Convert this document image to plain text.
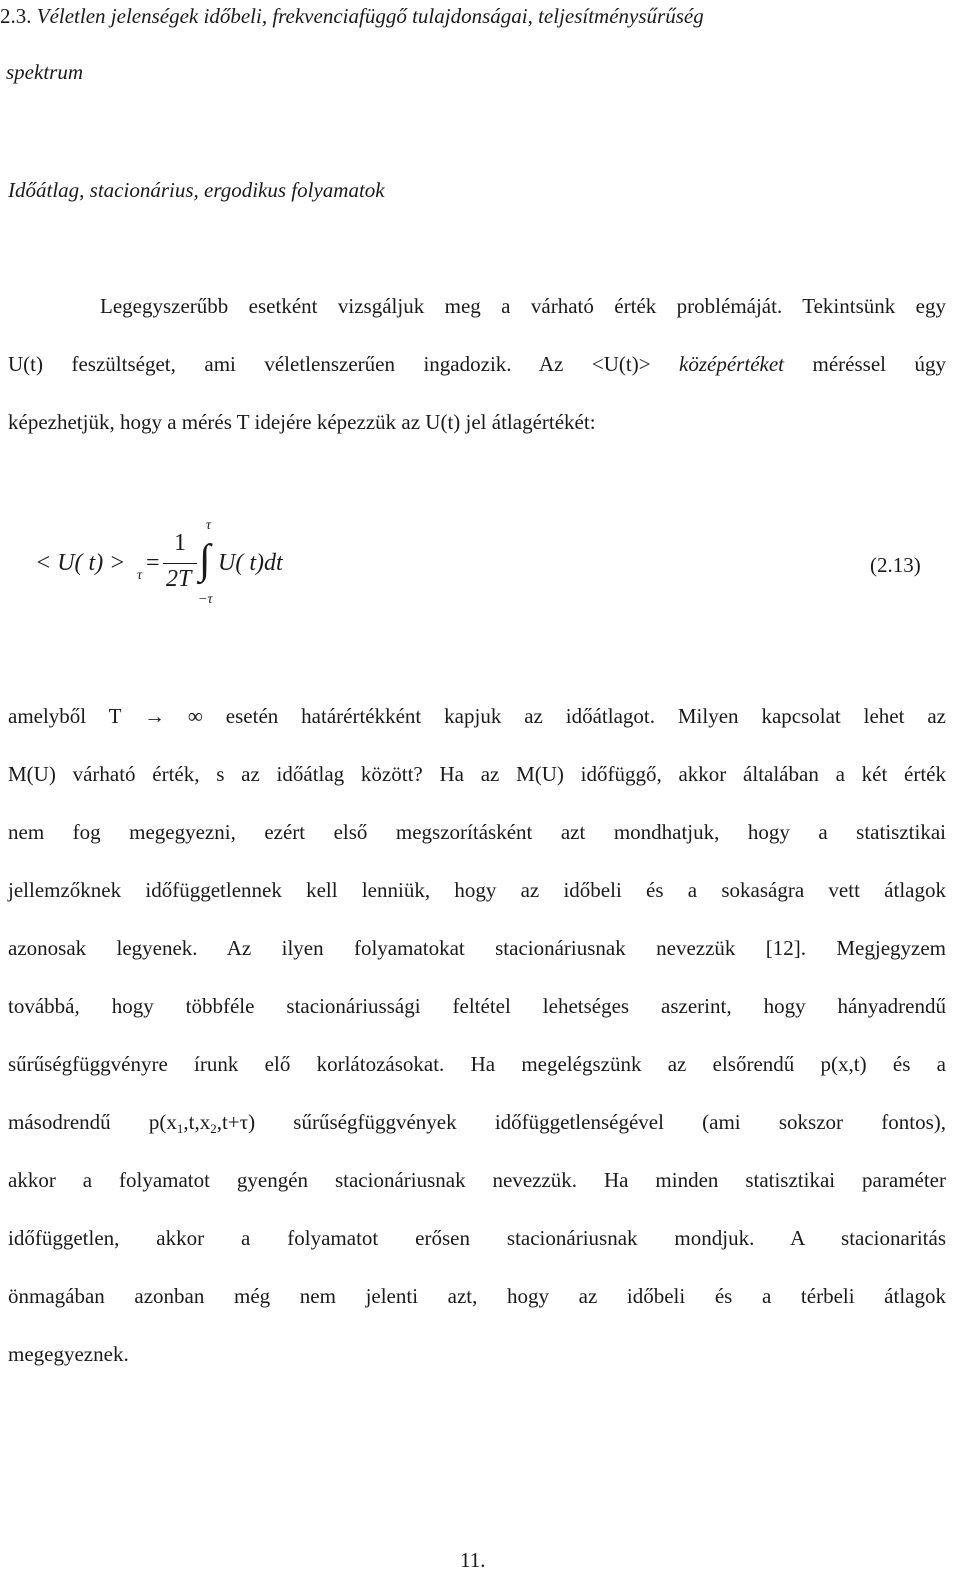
2.3. Véletlen jelenségek időbeli, frekvenciafüggő tulajdonságai, teljesítménysűrűség
spektrum
Időátlag, stacionárius, ergodikus folyamatok
Legegyszerűbb esetként vizsgáljuk meg a várható érték problémáját. Tekintsünk egy
U(t) feszültséget, ami véletlenszerűen ingadozik. Az <U(t)> középértéket méréssel úgy
képezhetjük, hogy a mérés T idejére képezzük az U(t) jel átlagértékét:
< U( t) > τ =
1
2T
τ
∫
−τ
U( t)dt	(2.13)
amelyből T → ∞ esetén határértékként kapjuk az időátlagot. Milyen kapcsolat lehet az
M(U) várható érték, s az időátlag között? Ha az M(U) időfüggő, akkor általában a két érték
nem fog megegyezni, ezért első megszorításként azt mondhatjuk, hogy a statisztikai
jellemzőknek időfüggetlennek kell lenniük, hogy az időbeli és a sokaságra vett átlagok
azonosak legyenek. Az ilyen folyamatokat stacionáriusnak nevezzük [12]. Megjegyzem
továbbá, hogy többféle stacionáriussági feltétel lehetséges aszerint, hogy hányadrendű
sűrűségfüggvényre írunk elő korlátozásokat. Ha megelégszünk az elsőrendű p(x,t) és a
másodrendű $p(x_1,t,x_2,t+\tau)$ sűrűségfüggvények időfüggetlenségével (ami sokszor fontos),
akkor a folyamatot gyengén stacionáriusnak nevezzük. Ha minden statisztikai paraméter
időfüggetlen, akkor a folyamatot erősen stacionáriusnak mondjuk. A stacionaritás
önmagában azonban még nem jelenti azt, hogy az időbeli és a térbeli átlagok
megegyeznek.
11.
